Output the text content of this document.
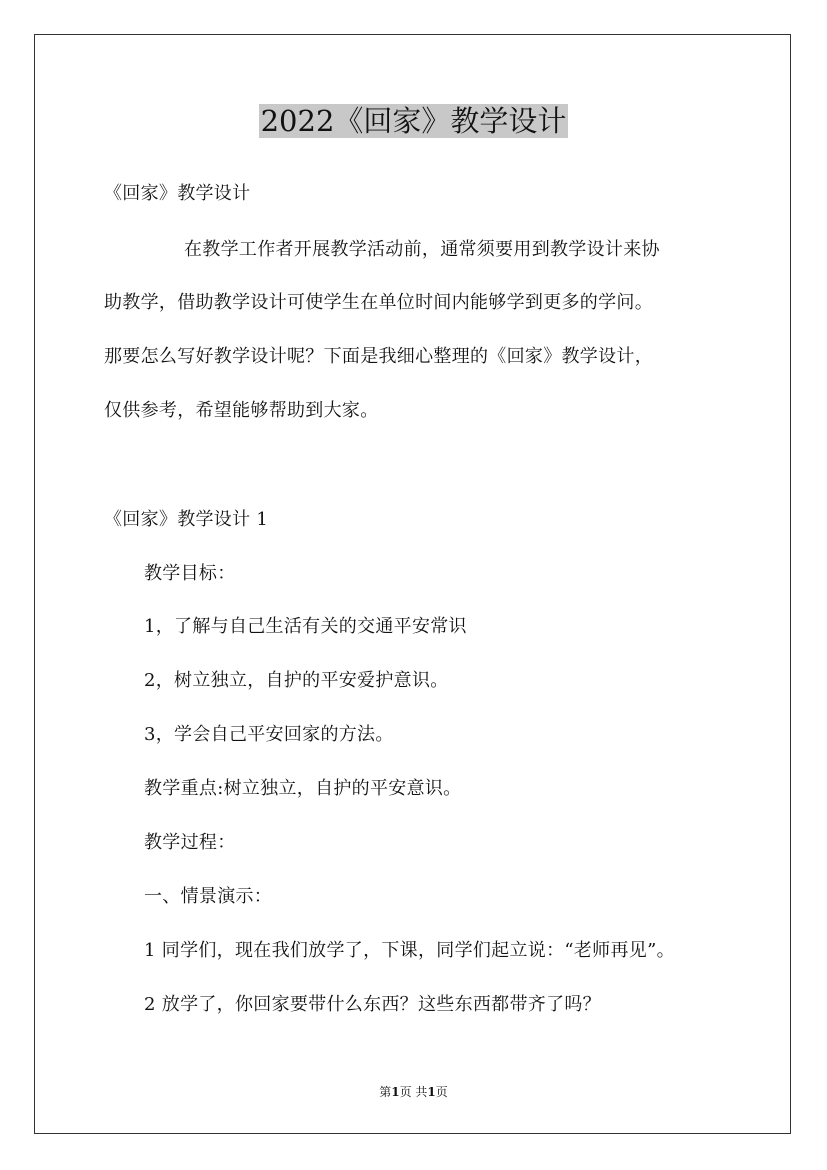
2022《回家》教学设计
《回家》教学设计
在教学工作者开展教学活动前，通常须要用到教学设计来协
助教学，借助教学设计可使学生在单位时间内能够学到更多的学问。
那要怎么写好教学设计呢？下面是我细心整理的《回家》教学设计，
仅供参考，希望能够帮助到大家。
《回家》教学设计 1
教学目标：
1，了解与自己生活有关的交通平安常识
2，树立独立，自护的平安爱护意识。
3，学会自己平安回家的方法。
教学重点:树立独立，自护的平安意识。
教学过程：
一、情景演示：
1 同学们，现在我们放学了，下课，同学们起立说：“老师再见”。
2 放学了，你回家要带什么东西？这些东西都带齐了吗？
第1页 共1页
